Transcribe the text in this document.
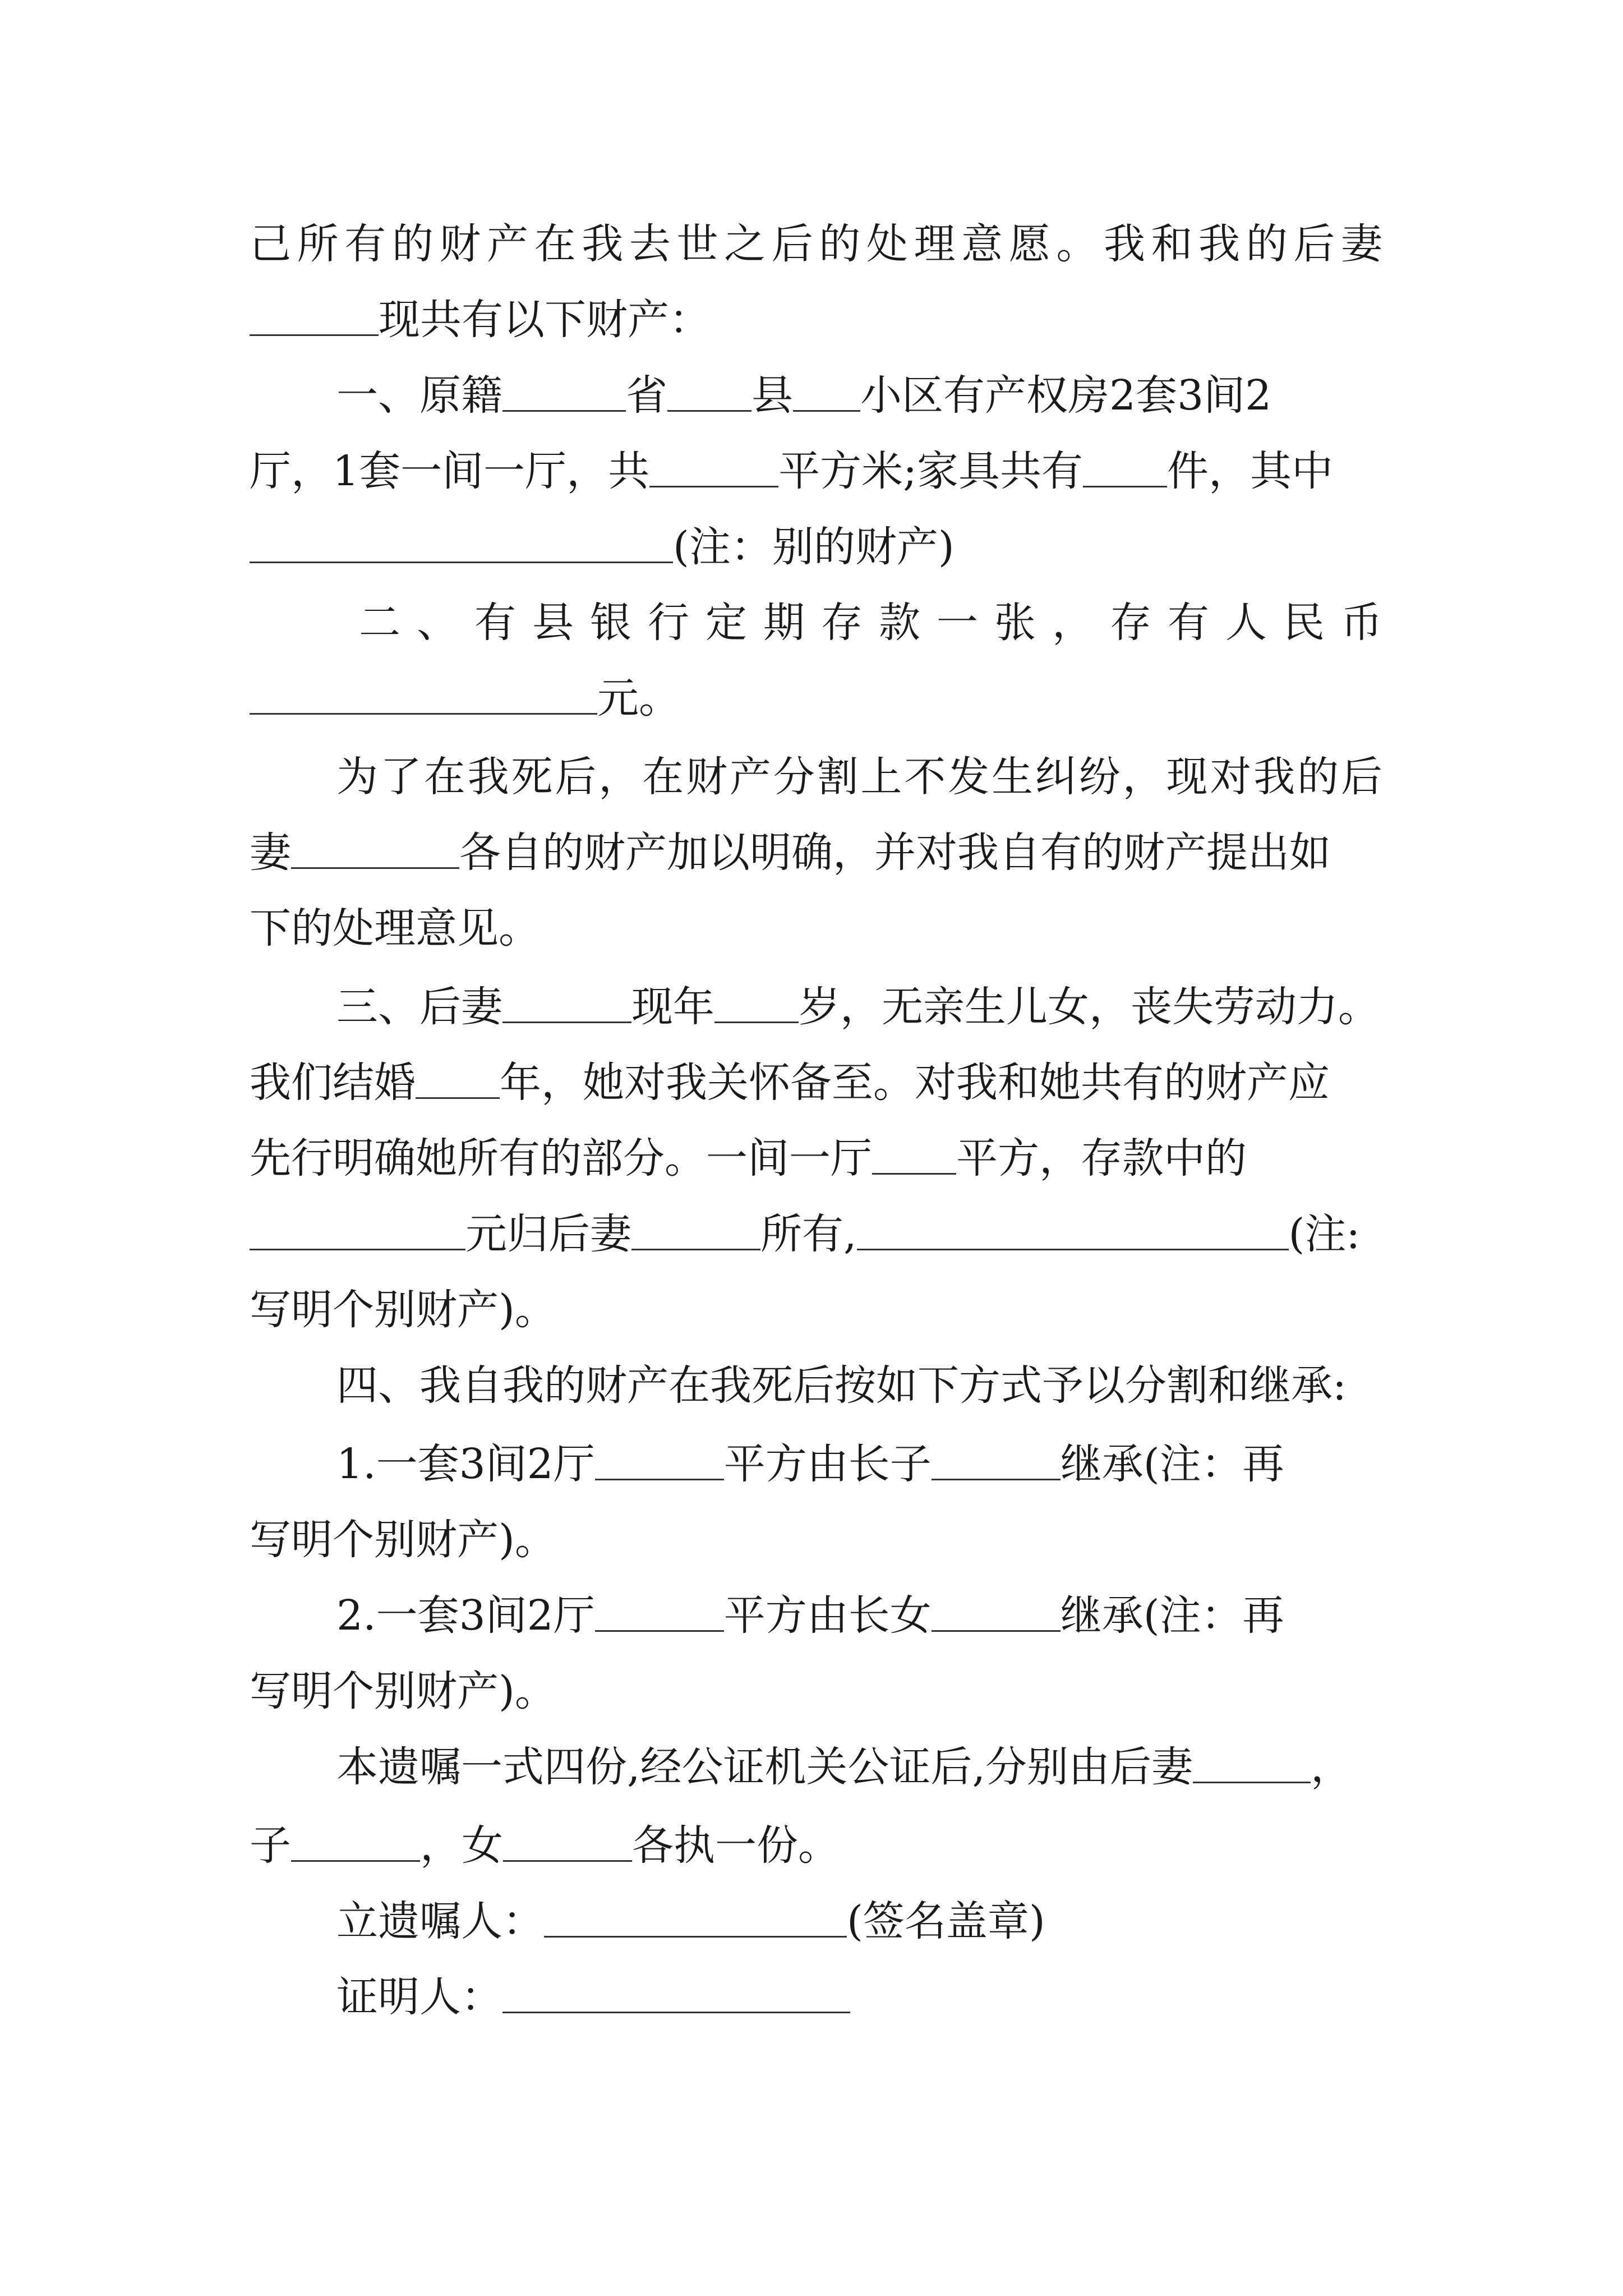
己所有的财产在我去世之后的处理意愿。我和我的后妻
现共有以下财产：
一、原籍	省 县 小区有产权房2套3间2
厅，1套一间一厅，共	平方米;家具共有 件，其中
(注：别的财产)
二、有县银行定期存款一张，存有人民币
元。
为了在我死后，在财产分割上不发生纠纷，现对我的后
妻	各自的财产加以明确，并对我自有的财产提出如
下的处理意见。
三、后妻	现年 岁，无亲生儿女，丧失劳动力。
我们结婚 年，她对我关怀备至。对我和她共有的财产应
先行明确她所有的部分。一间一厅 平方，存款中的
元归后妻	所有,	(注:
写明个别财产)。
四、我自我的财产在我死后按如下方式予以分割和继承:
1.一套3间2厅	平方由长子	继承(注：再
写明个别财产)。
2.一套3间2厅	平方由长女	继承(注：再
写明个别财产)。
本遗嘱一式四份,经公证机关公证后,分别由后妻	，
子	，女	各执一份。
立遗嘱人：	(签名盖章)
证明人：
